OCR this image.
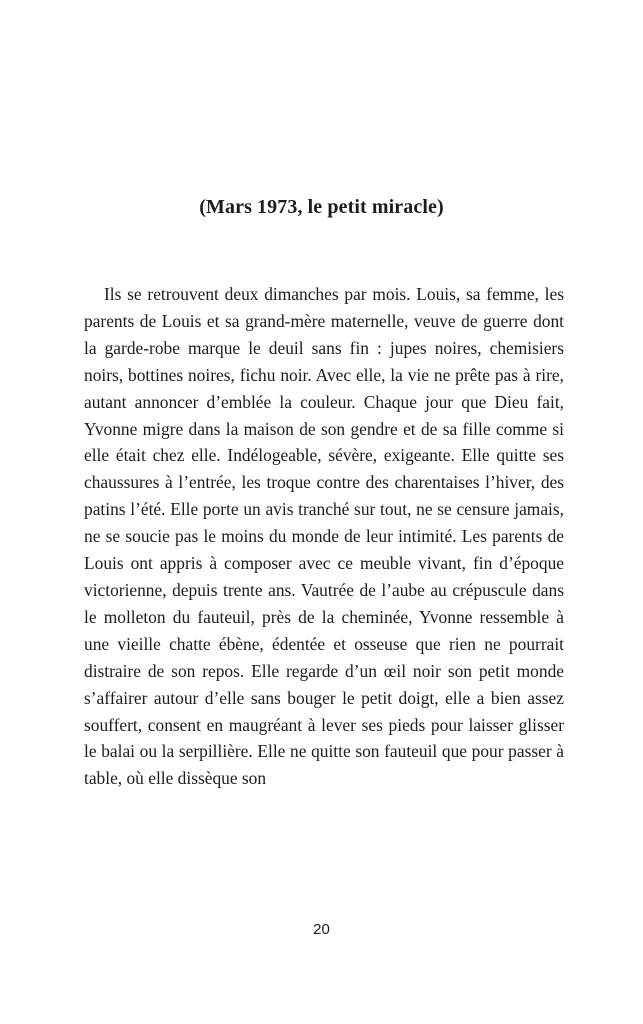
(Mars 1973, le petit miracle)

Ils se retrouvent deux dimanches par mois. Louis, sa femme, les parents de Louis et sa grand-mère maternelle, veuve de guerre dont la garde-robe marque le deuil sans fin : jupes noires, chemisiers noirs, bottines noires, fichu noir. Avec elle, la vie ne prête pas à rire, autant annoncer d’emblée la couleur. Chaque jour que Dieu fait, Yvonne migre dans la maison de son gendre et de sa fille comme si elle était chez elle. Indélogeable, sévère, exigeante. Elle quitte ses chaussures à l’entrée, les troque contre des charentaises l’hiver, des patins l’été. Elle porte un avis tranché sur tout, ne se censure jamais, ne se soucie pas le moins du monde de leur intimité. Les parents de Louis ont appris à composer avec ce meuble vivant, fin d’époque victorienne, depuis trente ans. Vautrée de l’aube au crépuscule dans le molleton du fauteuil, près de la cheminée, Yvonne ressemble à une vieille chatte ébène, édentée et osseuse que rien ne pourrait distraire de son repos. Elle regarde d’un œil noir son petit monde s’affairer autour d’elle sans bouger le petit doigt, elle a bien assez souffert, consent en maugréant à lever ses pieds pour laisser glisser le balai ou la serpillière. Elle ne quitte son fauteuil que pour passer à table, où elle dissèque son

20
